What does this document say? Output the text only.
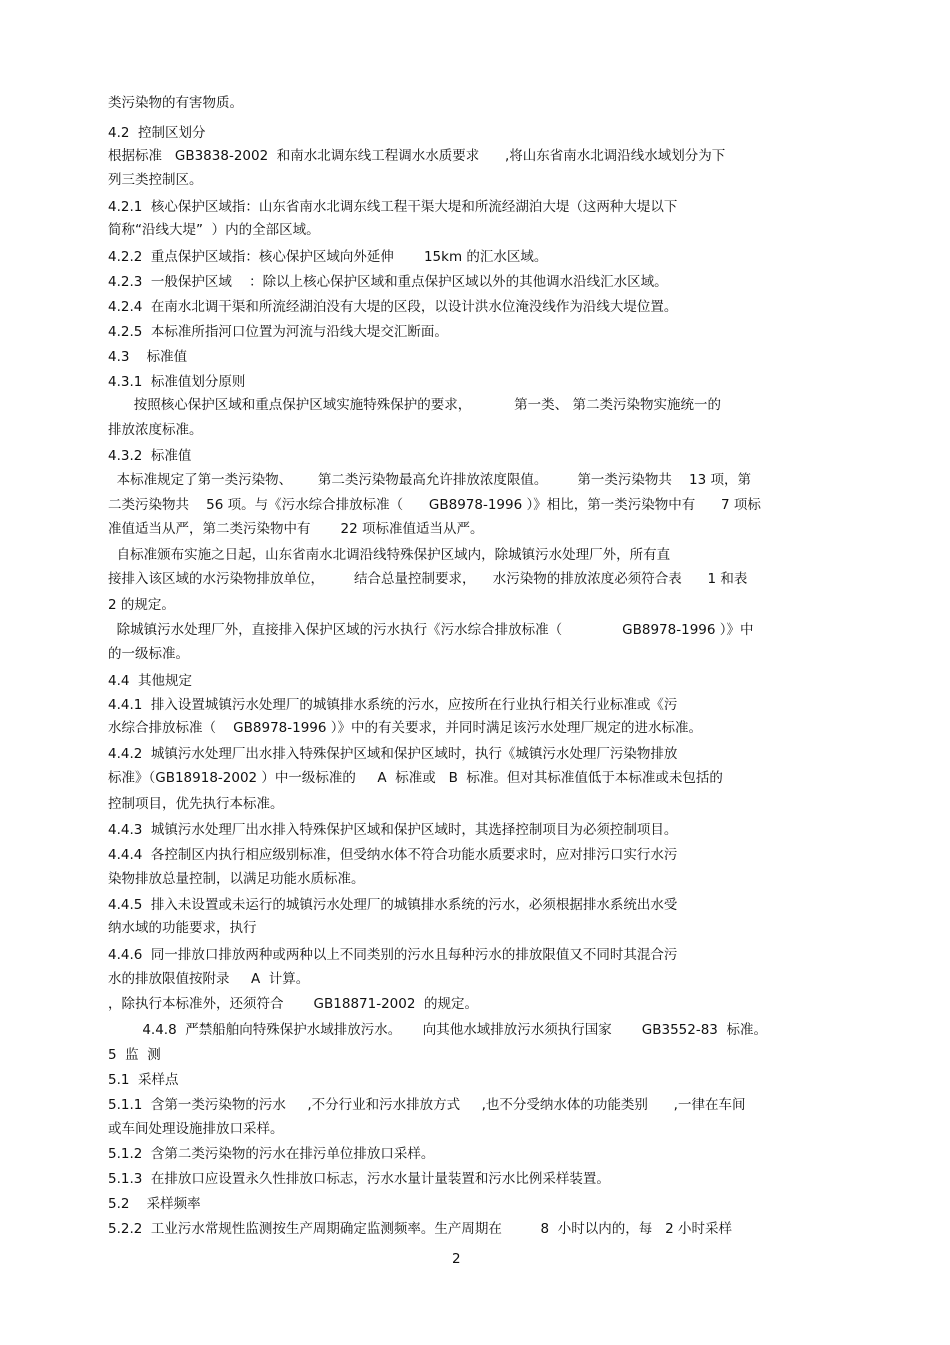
类污染物的有害物质。
4.2  控制区划分
根据标准   GB3838-2002  和南水北调东线工程调水水质要求      ,将山东省南水北调沿线水域划分为下
列三类控制区。
4.2.1  核心保护区域指：山东省南水北调东线工程干渠大堤和所流经湖泊大堤（这两种大堤以下
简称“沿线大堤”  ）内的全部区域。
4.2.2  重点保护区域指：核心保护区域向外延伸       15km 的汇水区域。
4.2.3  一般保护区域    ：除以上核心保护区域和重点保护区域以外的其他调水沿线汇水区域。
4.2.4  在南水北调干渠和所流经湖泊没有大堤的区段，以设计洪水位淹没线作为沿线大堤位置。
4.2.5  本标准所指河口位置为河流与沿线大堤交汇断面。
4.3    标准值
4.3.1  标准值划分原则
按照核心保护区域和重点保护区域实施特殊保护的要求，          第一类、 第二类污染物实施统一的
排放浓度标准。
4.3.2  标准值
本标准规定了第一类污染物、      第二类污染物最高允许排放浓度限值。       第一类污染物共    13 项，第
二类污染物共    56 项。与《污水综合排放标准（      GB8978-1996 ）》相比，第一类污染物中有      7 项标
准值适当从严，第二类污染物中有       22 项标准值适当从严。
自标准颁布实施之日起，山东省南水北调沿线特殊保护区域内，除城镇污水处理厂外，所有直
接排入该区域的水污染物排放单位，       结合总量控制要求，    水污染物的排放浓度必须符合表      1 和表
2 的规定。
除城镇污水处理厂外，直接排入保护区域的污水执行《污水综合排放标准（              GB8978-1996 ）》中
的一级标准。
4.4  其他规定
4.4.1  排入设置城镇污水处理厂的城镇排水系统的污水，应按所在行业执行相关行业标准或《污
水综合排放标准（    GB8978-1996 ）》中的有关要求，并同时满足该污水处理厂规定的进水标准。
4.4.2  城镇污水处理厂出水排入特殊保护区域和保护区域时，执行《城镇污水处理厂污染物排放
标准》（GB18918-2002 ）中一级标准的     A  标准或   B  标准。但对其标准值低于本标准或未包括的
控制项目，优先执行本标准。
4.4.3  城镇污水处理厂出水排入特殊保护区域和保护区域时，其选择控制项目为必须控制项目。
4.4.4  各控制区内执行相应级别标准，但受纳水体不符合功能水质要求时，应对排污口实行水污
染物排放总量控制，以满足功能水质标准。
4.4.5  排入未设置或未运行的城镇污水处理厂的城镇排水系统的污水，必须根据排水系统出水受
纳水域的功能要求，执行
4.4.6  同一排放口排放两种或两种以上不同类别的污水且每种污水的排放限值又不同时其混合污
水的排放限值按附录     A  计算。
，除执行本标准外，还须符合       GB18871-2002  的规定。
4.4.8  严禁船舶向特殊保护水域排放污水。     向其他水域排放污水须执行国家       GB3552-83  标准。
5  监  测
5.1  采样点
5.1.1  含第一类污染物的污水     ,不分行业和污水排放方式     ,也不分受纳水体的功能类别      ,一律在车间
或车间处理设施排放口采样。
5.1.2  含第二类污染物的污水在排污单位排放口采样。
5.1.3  在排放口应设置永久性排放口标志，污水水量计量装置和污水比例采样装置。
5.2    采样频率
5.2.2  工业污水常规性监测按生产周期确定监测频率。生产周期在         8  小时以内的，每   2 小时采样
2
